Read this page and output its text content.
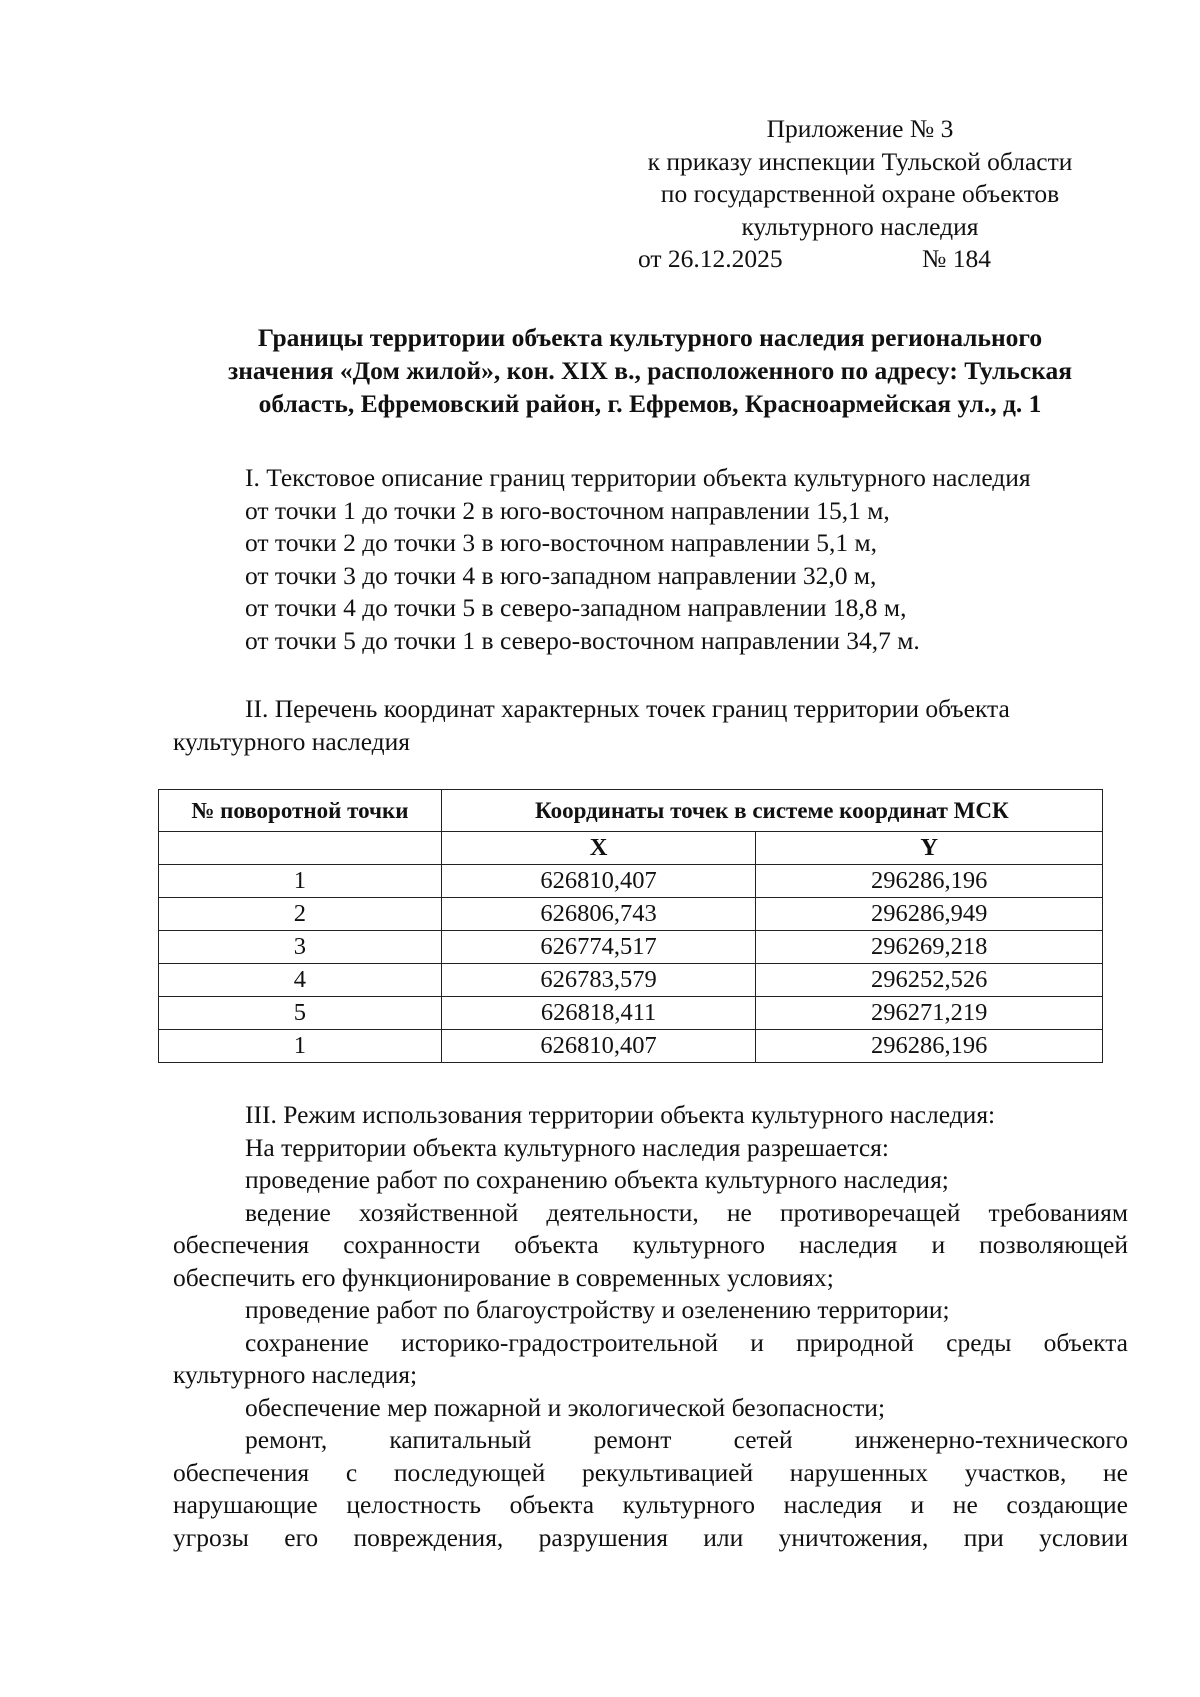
Приложение № 3
к приказу инспекции Тульской области
по государственной охране объектов
культурного наследия
от 26.12.2025	№ 184
Границы территории объекта культурного наследия регионального
значения «Дом жилой», кон. XIX в., расположенного по адресу: Тульская
область, Ефремовский район, г. Ефремов, Красноармейская ул., д. 1
I. Текстовое описание границ территории объекта культурного наследия
от точки 1 до точки 2 в юго-восточном направлении 15,1 м,
от точки 2 до точки 3 в юго-восточном направлении 5,1 м,
от точки 3 до точки 4 в юго-западном направлении 32,0 м,
от точки 4 до точки 5 в северо-западном направлении 18,8 м,
от точки 5 до точки 1 в северо-восточном направлении 34,7 м.
II. Перечень координат характерных точек границ территории объекта
культурного наследия
№ поворотной точки	Координаты точек в системе координат МСК	
	X	Y
1	626810,407	296286,196
2	626806,743	296286,949
3	626774,517	296269,218
4	626783,579	296252,526
5	626818,411	296271,219
1	626810,407	296286,196
III. Режим использования территории объекта культурного наследия:
На территории объекта культурного наследия разрешается:
проведение работ по сохранению объекта культурного наследия;
ведение хозяйственной деятельности, не противоречащей требованиям
обеспечения сохранности объекта культурного наследия и позволяющей
обеспечить его функционирование в современных условиях;
проведение работ по благоустройству и озеленению территории;
сохранение историко-градостроительной и природной среды объекта
культурного наследия;
обеспечение мер пожарной и экологической безопасности;
ремонт, капитальный ремонт сетей инженерно-технического
обеспечения с последующей рекультивацией нарушенных участков, не
нарушающие целостность объекта культурного наследия и не создающие
угрозы его повреждения, разрушения или уничтожения, при условии
